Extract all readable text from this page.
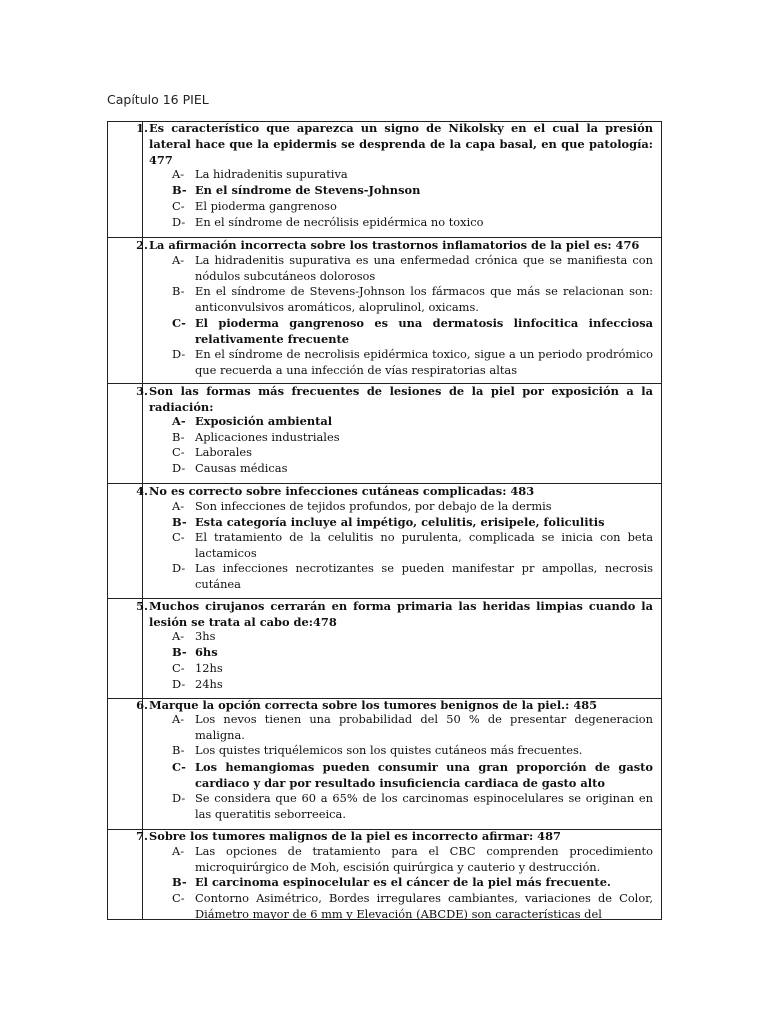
Capítulo 16 PIEL
1. Es característico que aparezca un signo de Nikolsky en el cual la presión lateral hace que la epidermis se desprenda de la capa basal, en que patología: 477
A- La hidradenitis supurativa
B- En el síndrome de Stevens-Johnson
C- El pioderma gangrenoso
D- En el síndrome de necrólisis epidérmica no toxico
2. La afirmación incorrecta sobre los trastornos inflamatorios de la piel es: 476
A- La hidradenitis supurativa es una enfermedad crónica que se manifiesta con nódulos subcutáneos dolorosos
B- En el síndrome de Stevens-Johnson los fármacos que más se relacionan son: anticonvulsivos aromáticos, aloprulinol, oxicams.
C- El pioderma gangrenoso es una dermatosis linfocitica infecciosa relativamente frecuente
D- En el síndrome de necrolisis epidérmica toxico, sigue a un periodo prodrómico que recuerda a una infección de vías respiratorias altas
3. Son las formas más frecuentes de lesiones de la piel por exposición a la radiación:
A- Exposición ambiental
B- Aplicaciones industriales
C- Laborales
D- Causas médicas
4. No es correcto sobre infecciones cutáneas complicadas: 483
A- Son infecciones de tejidos profundos, por debajo de la dermis
B- Esta categoría incluye al impétigo, celulitis, erisipele, foliculitis
C- El tratamiento de la celulitis no purulenta, complicada se inicia con beta lactamicos
D- Las infecciones necrotizantes se pueden manifestar pr ampollas, necrosis cutánea
5. Muchos cirujanos cerrarán en forma primaria las heridas limpias cuando la lesión se trata al cabo de:478
A- 3hs
B- 6hs
C- 12hs
D- 24hs
6. Marque la opción correcta sobre los tumores benignos de la piel.: 485
A- Los nevos tienen una probabilidad del 50 % de presentar degeneracion maligna.
B- Los quistes triquélemicos son los quistes cutáneos más frecuentes.
C- Los hemangiomas pueden consumir una gran proporción de gasto cardiaco y dar por resultado insuficiencia cardiaca de gasto alto
D- Se considera que 60 a 65% de los carcinomas espinocelulares se originan en las queratitis seborreeica.
7. Sobre los tumores malignos de la piel es incorrecto afirmar: 487
A- Las opciones de tratamiento para el CBC comprenden procedimiento microquirúrgico de Moh, escisión quirúrgica y cauterio y destrucción.
B- El carcinoma espinocelular es el cáncer de la piel más frecuente.
C- Contorno Asimétrico, Bordes irregulares cambiantes, variaciones de Color, Diámetro mayor de 6 mm y Elevación (ABCDE) son características del
